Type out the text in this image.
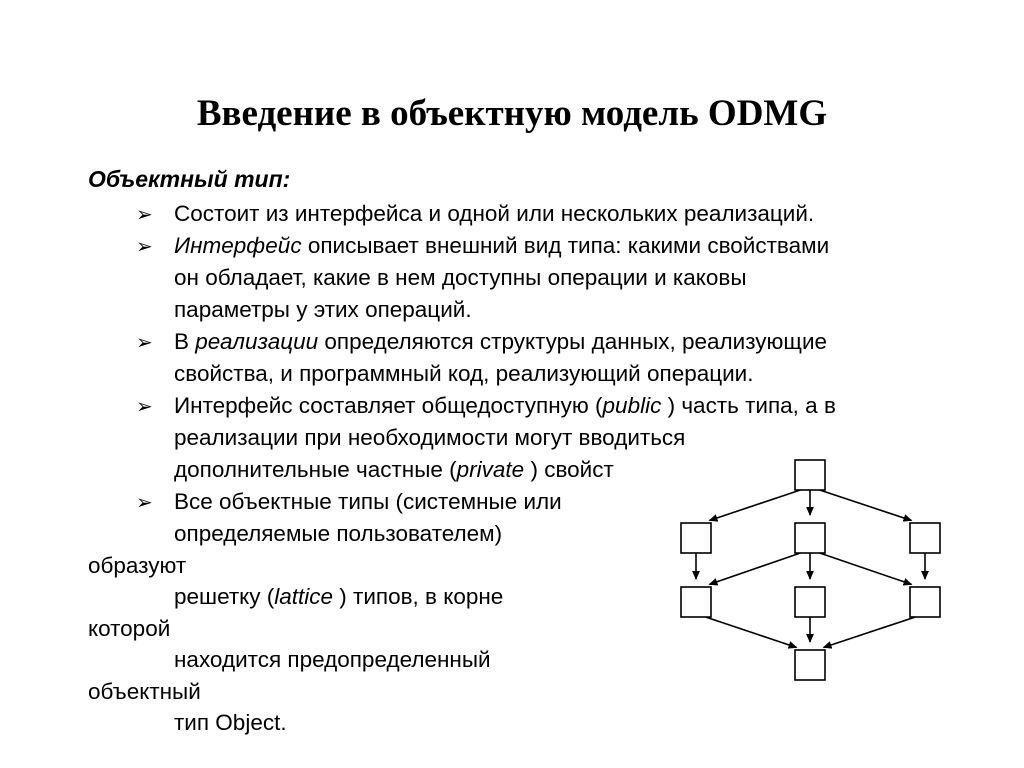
Введение в объектную модель ODMG
Объектный тип:
➢ Состоит из интерфейса и одной или нескольких реализаций.
➢ Интерфейс описывает внешний вид типа: какими свойствами
он обладает, какие в нем доступны операции и каковы
параметры у этих операций.
➢ В реализации определяются структуры данных, реализующие
свойства, и программный код, реализующий операции.
➢ Интерфейс составляет общедоступную (public ) часть типа, а в
реализации при необходимости могут вводиться
дополнительные частные (private ) свойст
➢ Все объектные типы (системные или
определяемые пользователем)
образуют
решетку (lattice ) типов, в корне
которой
находится предопределенный
объектный
тип Object.
